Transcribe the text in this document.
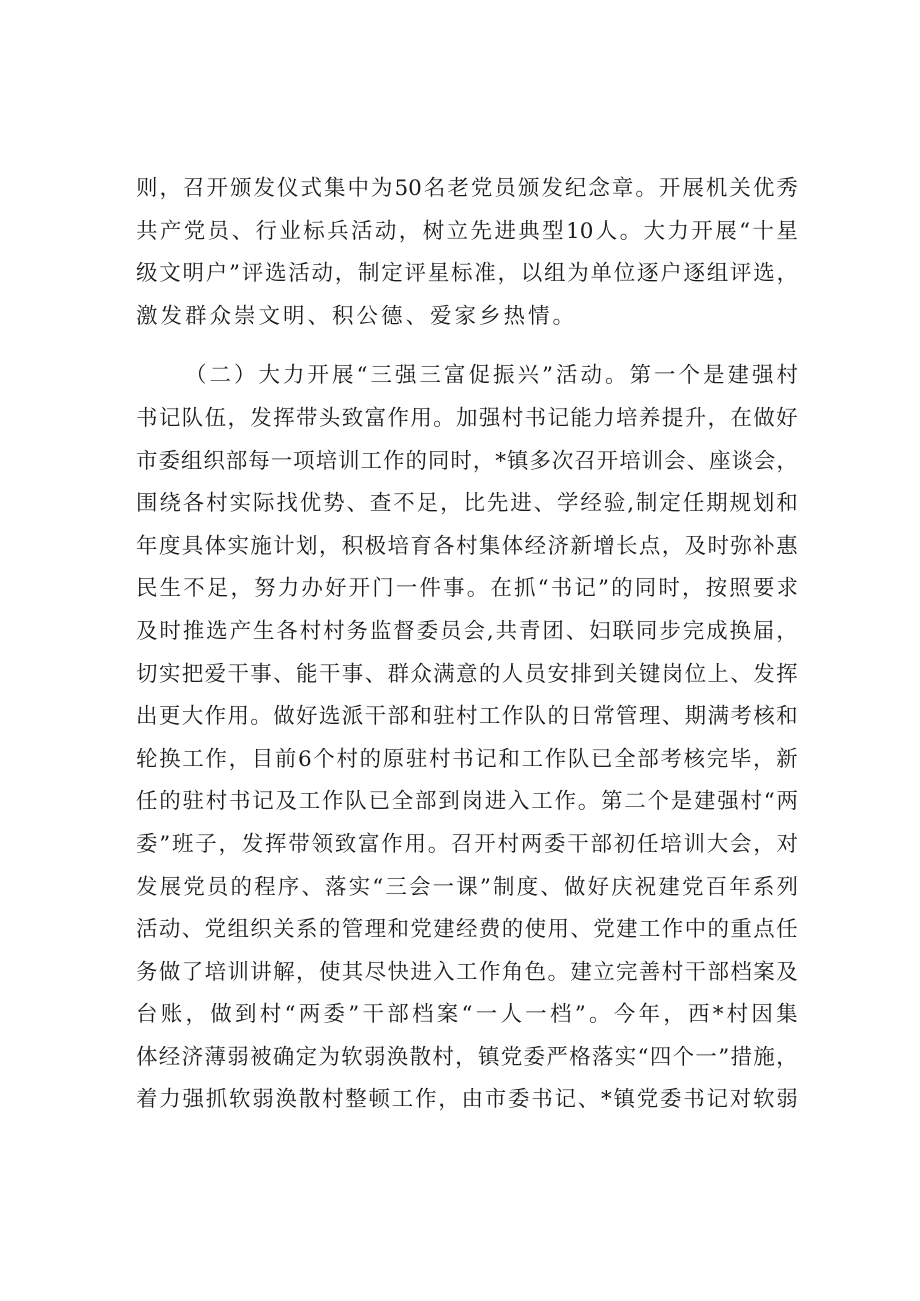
则 ， 召 开 颁 发 仪 式 集 中 为 50 名 老 党 员 颁 发 纪 念 章 。 开 展 机 关 优 秀
共 产 党 员 、 行 业 标 兵 活 动 ， 树 立 先 进 典 型 10 人 。 大 力 开 展 “ 十 星
级 文 明 户 ” 评 选 活 动 ， 制 定 评 星 标 准 ， 以 组 为 单 位 逐 户 逐 组 评 选 ，
激发群众崇文明、积公德、爱家乡热情。

（ 二 ） 大 力 开 展 “ 三 强 三 富 促 振 兴 ” 活 动 。 第 一 个 是 建 强 村
书 记 队 伍 ， 发 挥 带 头 致 富 作 用 。 加 强 村 书 记 能 力 培 养 提 升 ， 在 做 好
市 委 组 织 部 每 一 项 培 训 工 作 的 同 时 ， * 镇 多 次 召 开 培 训 会 、 座 谈 会 ，
围 绕 各 村 实 际 找 优 势 、 查 不 足 ， 比 先 进 、 学 经 验 , 制 定 任 期 规 划 和
年 度 具 体 实 施 计 划 ， 积 极 培 育 各 村 集 体 经 济 新 增 长 点 ， 及 时 弥 补 惠
民 生 不 足 ， 努 力 办 好 开 门 一 件 事 。 在 抓 “ 书 记 ” 的 同 时 ， 按 照 要 求
及 时 推 选 产 生 各 村 村 务 监 督 委 员 会 , 共 青 团 、 妇 联 同 步 完 成 换 届 ，
切 实 把 爱 干 事 、 能 干 事 、 群 众 满 意 的 人 员 安 排 到 关 键 岗 位 上 、 发 挥
出 更 大 作 用 。 做 好 选 派 干 部 和 驻 村 工 作 队 的 日 常 管 理 、 期 满 考 核 和
轮 换 工 作 ， 目 前 6 个 村 的 原 驻 村 书 记 和 工 作 队 已 全 部 考 核 完 毕 ， 新
任 的 驻 村 书 记 及 工 作 队 已 全 部 到 岗 进 入 工 作 。 第 二 个 是 建 强 村 “ 两
委 ” 班 子 ， 发 挥 带 领 致 富 作 用 。 召 开 村 两 委 干 部 初 任 培 训 大 会 ， 对
发 展 党 员 的 程 序 、 落 实 “ 三 会 一 课 ” 制 度 、 做 好 庆 祝 建 党 百 年 系 列
活 动 、 党 组 织 关 系 的 管 理 和 党 建 经 费 的 使 用 、 党 建 工 作 中 的 重 点 任
务 做 了 培 训 讲 解 ， 使 其 尽 快 进 入 工 作 角 色 。 建 立 完 善 村 干 部 档 案 及
台 账 ， 做 到 村 “ 两 委 ” 干 部 档 案 “ 一 人 一 档 ” 。 今 年 ， 西 * 村 因 集
体 经 济 薄 弱 被 确 定 为 软 弱 涣 散 村 ， 镇 党 委 严 格 落 实 “ 四 个 一 ” 措 施 ，
着 力 强 抓 软 弱 涣 散 村 整 顿 工 作 ， 由 市 委 书 记 、 * 镇 党 委 书 记 对 软 弱
